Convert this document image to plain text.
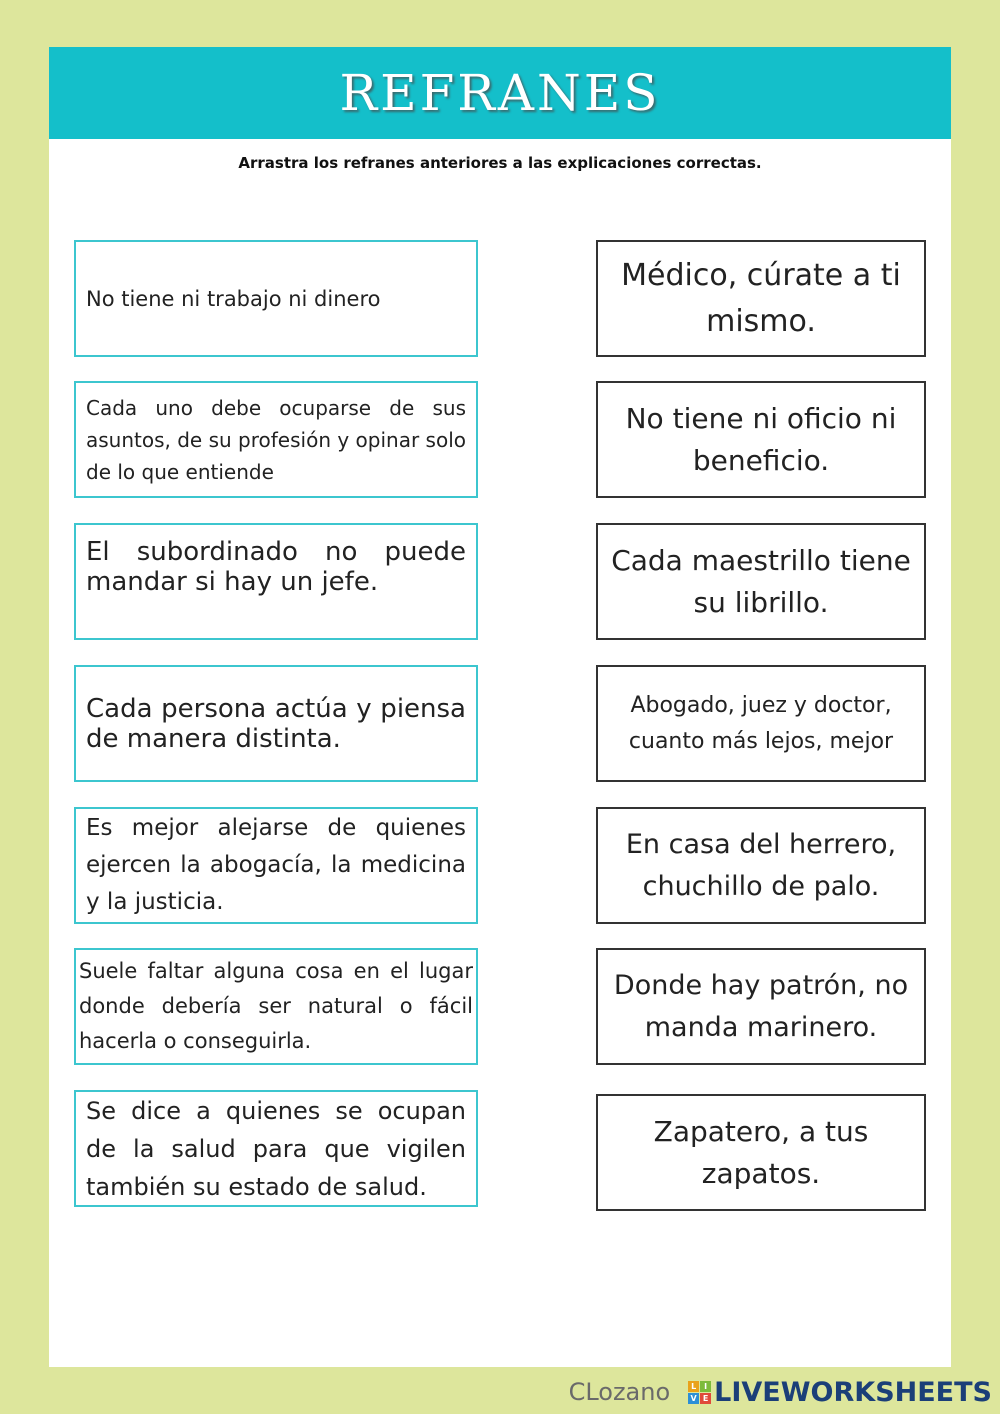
REFRANES
Arrastra los refranes anteriores a las explicaciones correctas.
No tiene ni trabajo ni dinero
Cada uno debe ocuparse de sus asuntos, de su profesión y opinar solo de lo que entiende
El subordinado no puede mandar si hay un jefe.
Cada persona actúa y piensa de manera distinta.
Es mejor alejarse de quienes ejercen la abogacía, la medicina y la justicia.
Suele faltar alguna cosa en el lugar donde debería ser natural o fácil hacerla o conseguirla.
Se dice a quienes se ocupan de la salud para que vigilen también su estado de salud.
Médico, cúrate a ti mismo.
No tiene ni oficio ni beneficio.
Cada maestrillo tiene su librillo.
Abogado, juez y doctor, cuanto más lejos, mejor
En casa del herrero, chuchillo de palo.
Donde hay patrón, no manda marinero.
Zapatero, a tus zapatos.
CLozano	L I
V E LIVEWORKSHEETS
